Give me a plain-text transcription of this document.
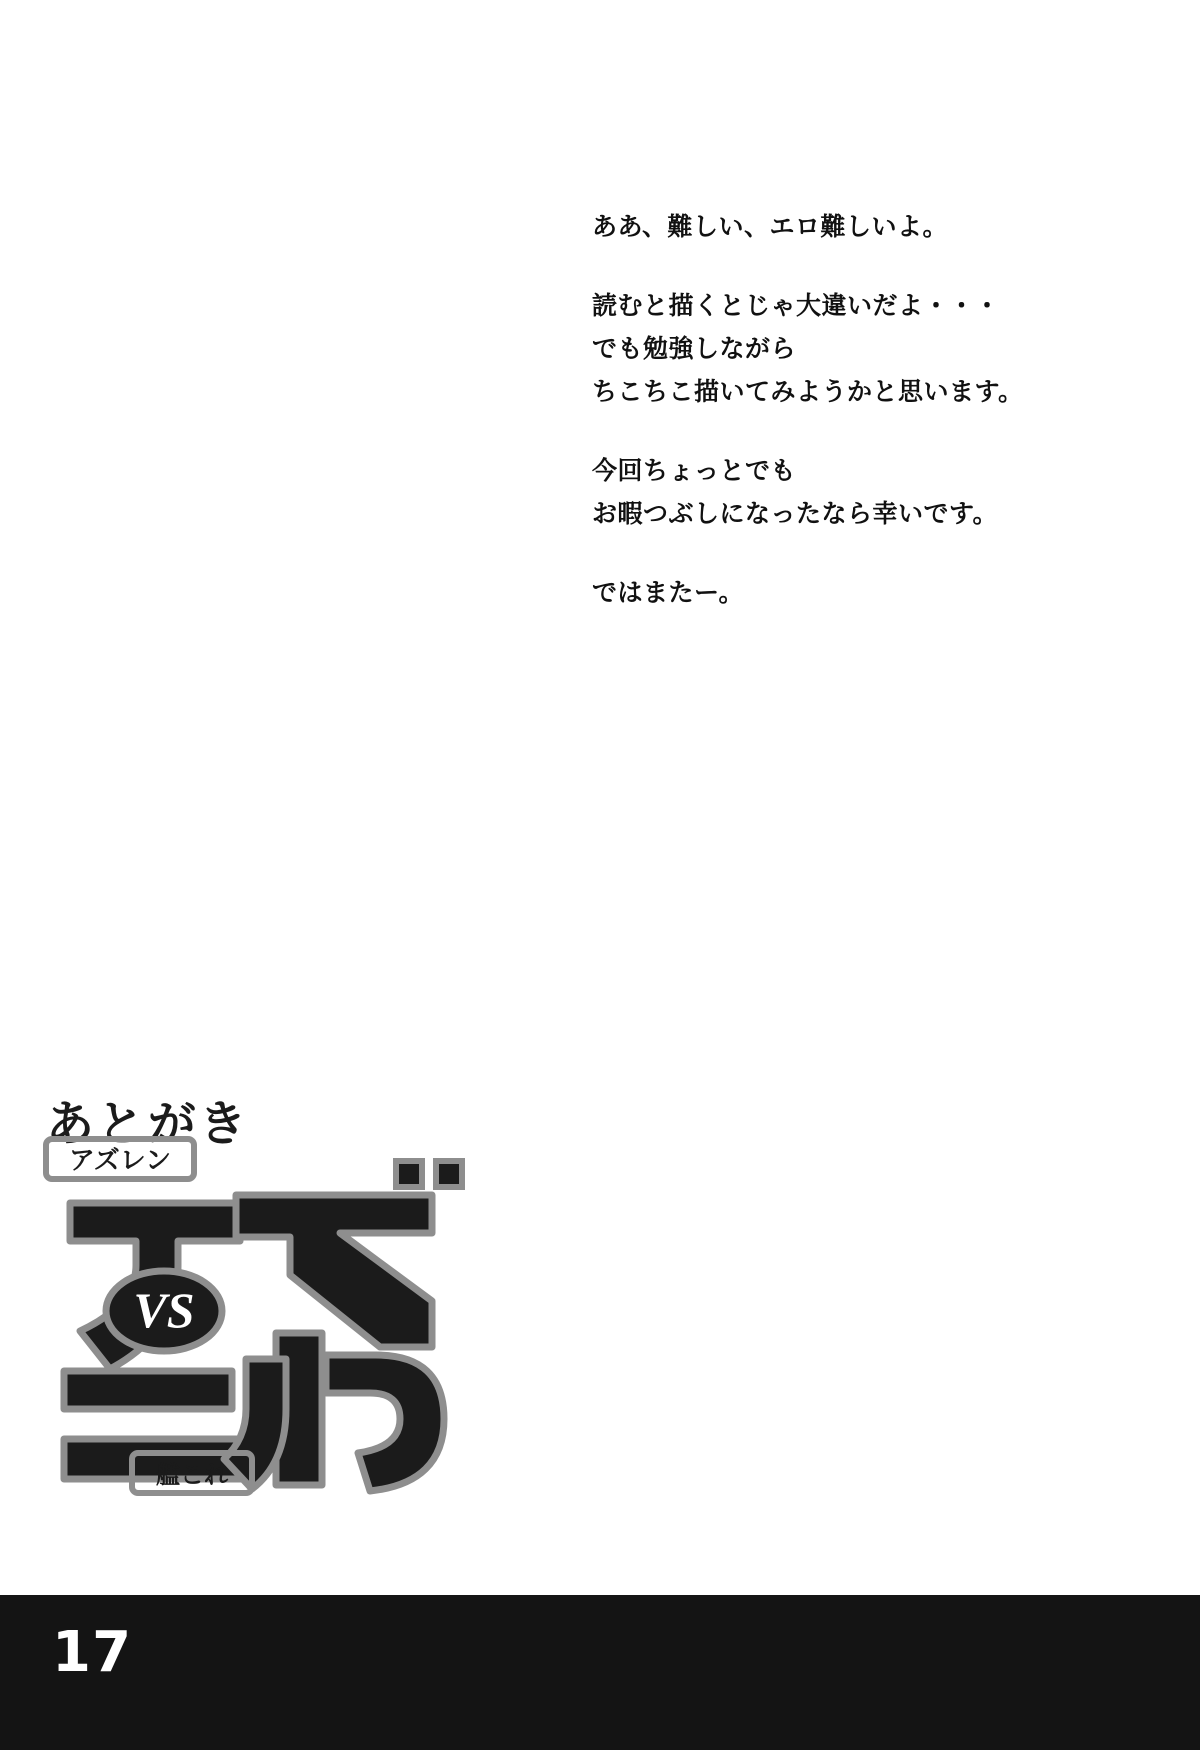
ああ、難しい、エロ難しいよ。
読むと描くとじゃ大違いだよ・・・
でも勉強しながら
ちこちこ描いてみようかと思います。
今回ちょっとでも
お暇つぶしになったなら幸いです。
ではまたー。
あとがき
アズレン
VS
艦これ
17
